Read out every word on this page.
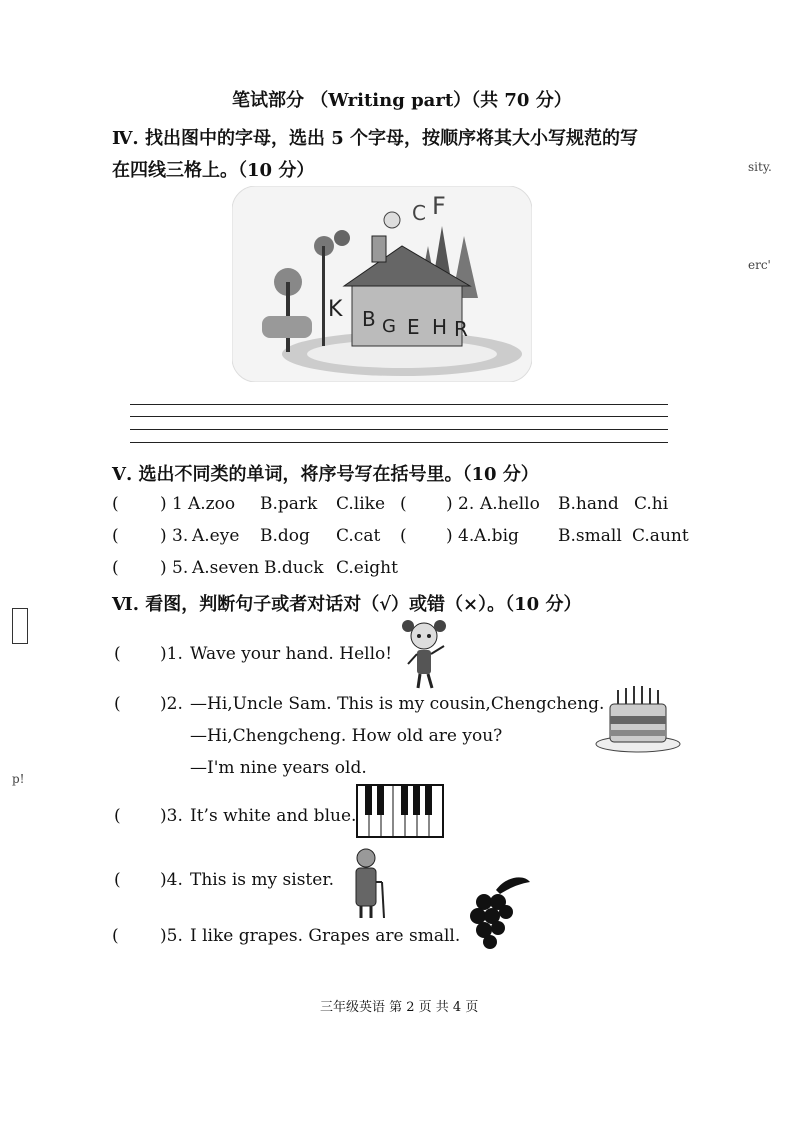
笔试部分 （Writing part）（共 70 分）
Ⅳ. 找出图中的字母，选出 5 个字母，按顺序将其大小写规范的写
在四线三格上。（10 分）	sity.
erc'
p!
C F
B G
K
E H R
Ⅴ. 选出不同类的单词，将序号写在括号里。（10 分）
( ) 1 A.zoo B.park C.like ( ) 2. A.hello B.hand C.hi
( ) 3. A.eye B.dog C.cat ( ) 4. A.big B.small C.aunt
( ) 5. A.seven B.duck C.eight
Ⅵ. 看图，判断句子或者对话对（√）或错（×）。（10 分）
( )1. Wave your hand. Hello!
( )2. —Hi,Uncle Sam. This is my cousin,Chengcheng.
—Hi,Chengcheng. How old are you?
—I'm nine years old.
( )3. It’s white and blue.
( )4. This is my sister.
( )5. I like grapes. Grapes are small.
三年级英语 第 2 页 共 4 页
